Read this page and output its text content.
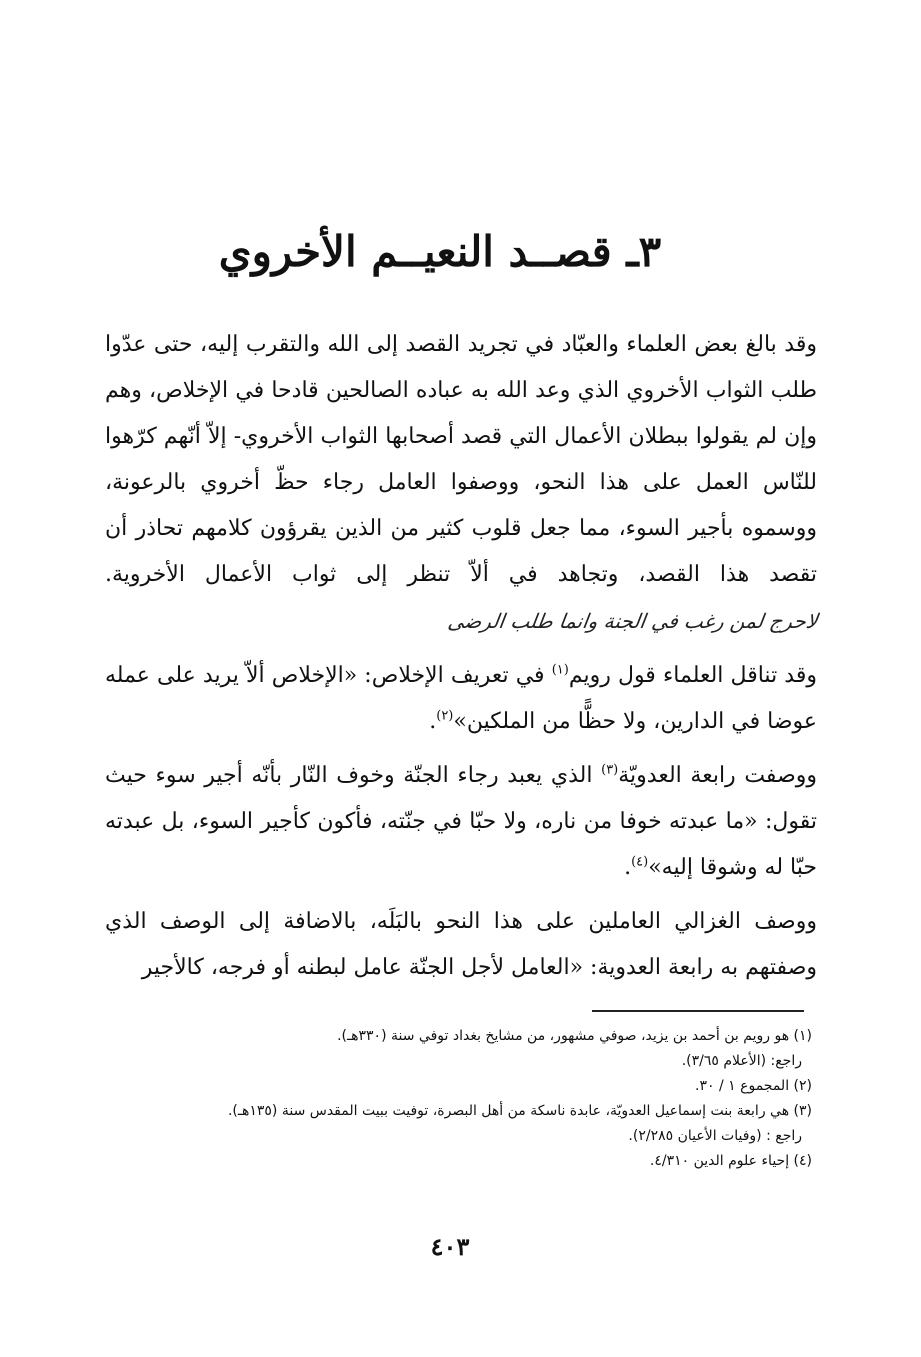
٣ـ قصــد النعيــم الأخروي

وقد بالغ بعض العلماء والعبّاد في تجريد القصد إلى الله والتقرب إليه، حتى عدّوا طلب الثواب الأخروي الذي وعد الله به عباده الصالحين قادحا في الإخلاص، وهم وإن لم يقولوا ببطلان الأعمال التي قصد أصحابها الثواب الأخروي- إلاّ أنّهم كرّهوا للنّاس العمل على هذا النحو، ووصفوا العامل رجاء حظّ أخروي بالرعونة، ووسموه بأجير السوء، مما جعل قلوب كثير من الذين يقرؤون كلامهم تحاذر أن تقصد هذا القصد، وتجاهد في ألاّ تنظر إلى ثواب الأعمال الأخروية. لاحرج لمن رغب في الجنة وانما طلب الرضى

وقد تناقل العلماء قول رويم$^{(١)}$ في تعريف الإخلاص: «الإخلاص ألاّ يريد على عمله عوضا في الدارين، ولا حظًّا من الملكين»$^{(٢)}$.

ووصفت رابعة العدويّة$^{(٣)}$ الذي يعبد رجاء الجنّة وخوف النّار بأنّه أجير سوء حيث تقول: «ما عبدته خوفا من ناره، ولا حبّا في جنّته، فأكون كأجير السوء، بل عبدته حبّا له وشوقا إليه»$^{(٤)}$.

ووصف الغزالي العاملين على هذا النحو بالبَلَه، بالاضافة إلى الوصف الذي وصفتهم به رابعة العدوية: «العامل لأجل الجنّة عامل لبطنه أو فرجه، كالأجير

(١) هو رويم بن أحمد بن يزيد، صوفي مشهور، من مشايخ بغداد توفي سنة (٣٣٠هـ).

راجع: (الأعلام ٣/٦٥).

(٢) المجموع ١ / ٣٠.

(٣) هي رابعة بنت إسماعيل العدويّة، عابدة ناسكة من أهل البصرة، توفيت ببيت المقدس سنة (١٣٥هـ).

راجع : (وفيات الأعيان ٢/٢٨٥).

(٤) إحياء علوم الدين ٤/٣١٠.

٤٠٣
